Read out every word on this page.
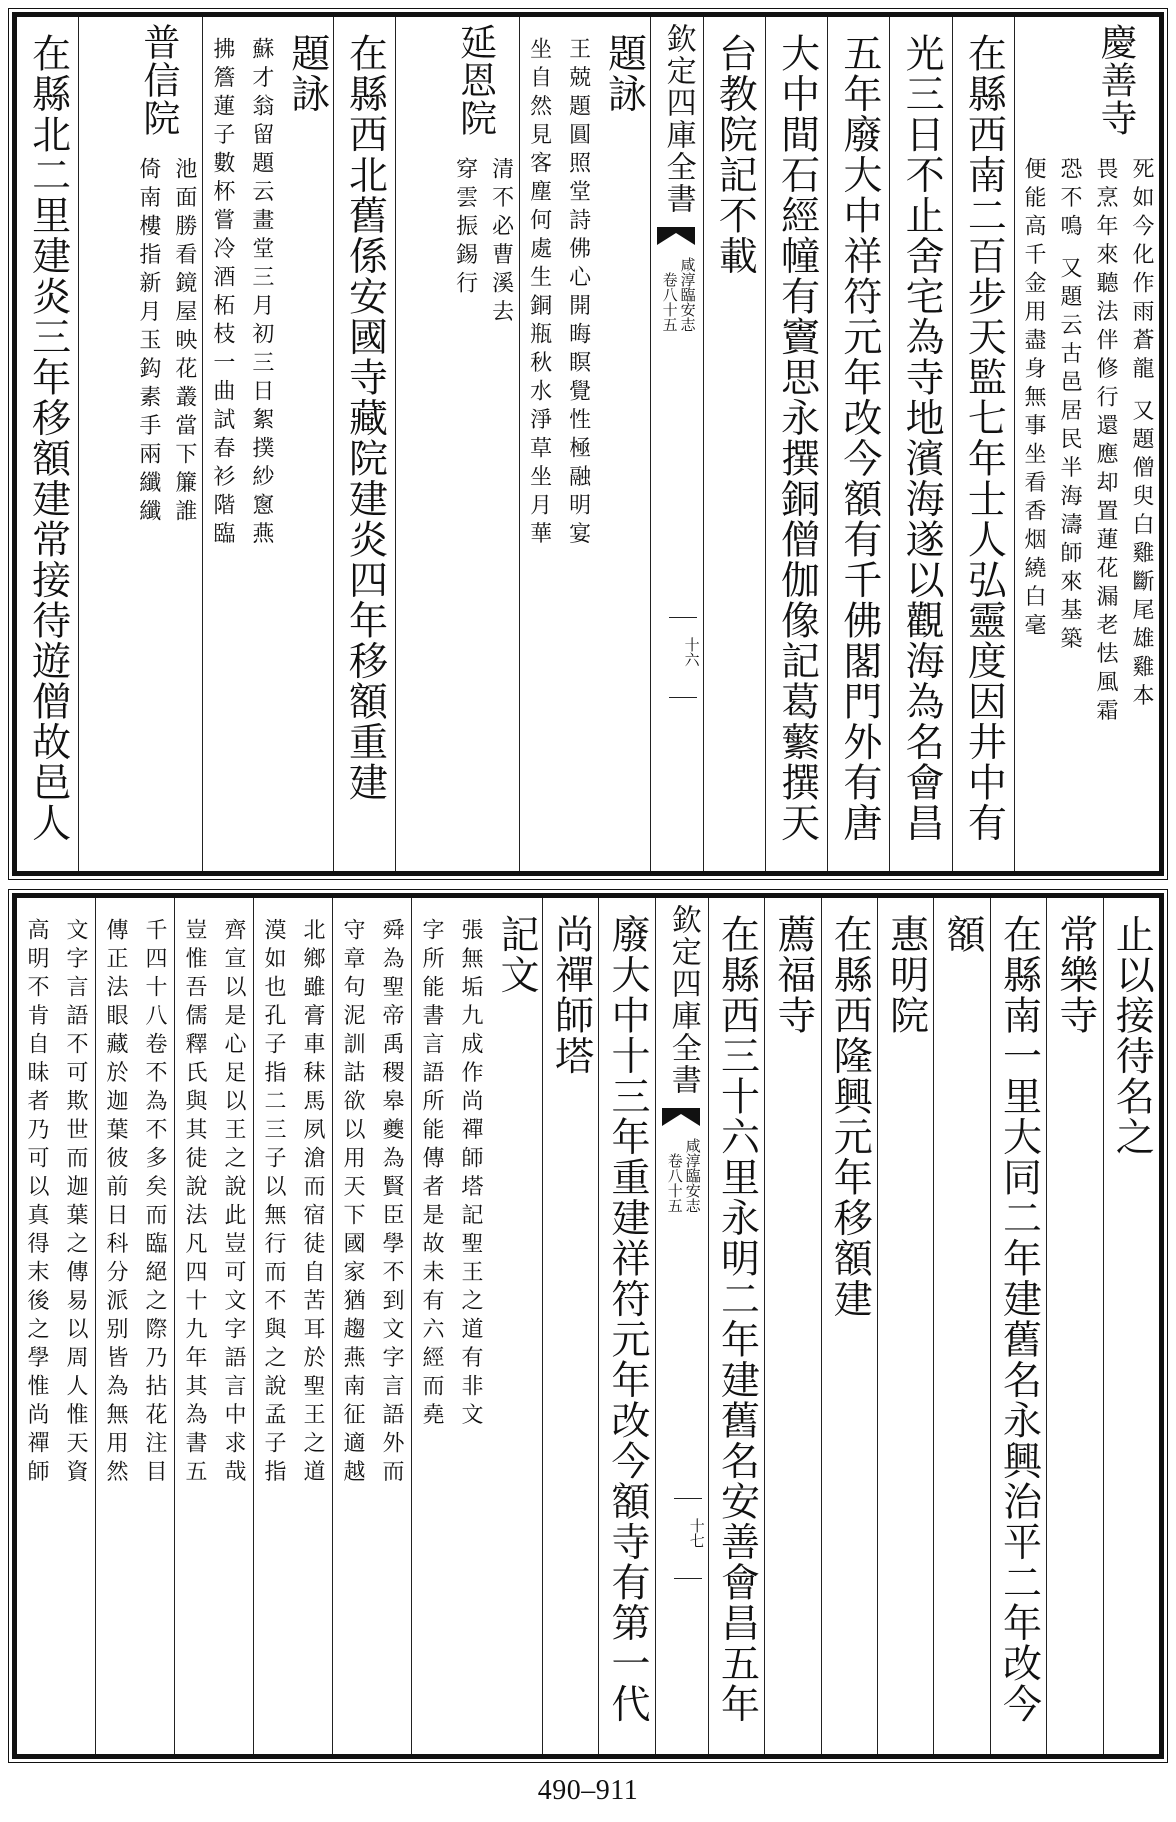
慶善寺
死如今化作雨蒼龍 又題僧臾白雞斷尾雄雞本
畏烹年來聽法伴修行還應却置蓮花漏老怯風霜
恐不鳴 又題云古邑居民半海濤師來基築
便能高千金用盡身無事坐看香烟繞白毫
在縣西南二百步天監七年士人弘靈度因井中有
光三日不止舍宅為寺地濱海遂以觀海為名會昌
五年廢大中祥符元年改今額有千佛閣門外有唐
大中間石經幢有竇思永撰銅僧伽像記葛蘩撰天
台教院記不載
欽定四庫全書
咸淳臨安志
卷八十五
十六
題詠
王兢題圓照堂詩佛心開晦瞑覺性極融明宴
坐自然見客塵何處生銅瓶秋水淨草坐月華
延恩院
清不必曹溪去
穿雲振錫行
在縣西北舊係安國寺藏院建炎四年移額重建
題詠
蘇才翁留題云畫堂三月初三日絮撲紗窻燕
拂簷蓮子數杯嘗冷酒柘枝一曲試春衫階臨
普信院
池面勝看鏡屋映花叢當下簾誰
倚南樓指新月玉鈎素手兩纖纖
在縣北二里建炎三年移額建常接待遊僧故邑人
止以接待名之
常樂寺
在縣南一里大同二年建舊名永興治平二年改今
額
惠明院
在縣西隆興元年移額建
薦福寺
在縣西三十六里永明二年建舊名安善會昌五年
欽定四庫全書
咸淳臨安志
卷八十五
十七
廢大中十三年重建祥符元年改今額寺有第一代
尚禪師塔
記文
張無垢九成作尚禪師塔記聖王之道有非文
字所能書言語所能傳者是故未有六經而堯
舜為聖帝禹稷皋夔為賢臣學不到文字言語外而
守章句泥訓詁欲以用天下國家猶趨燕南征適越
北鄉雖膏車秣馬夙滄而宿徒自苦耳於聖王之道
漠如也孔子指二三子以無行而不與之說孟子指
齊宣以是心足以王之說此豈可文字語言中求哉
豈惟吾儒釋氏與其徒說法凡四十九年其為書五
千四十八卷不為不多矣而臨絕之際乃拈花注目
傳正法眼藏於迦葉彼前日科分派别皆為無用然
文字言語不可欺世而迦葉之傳易以周人惟天資
高明不肯自昧者乃可以真得末後之學惟尚禪師
490–911
